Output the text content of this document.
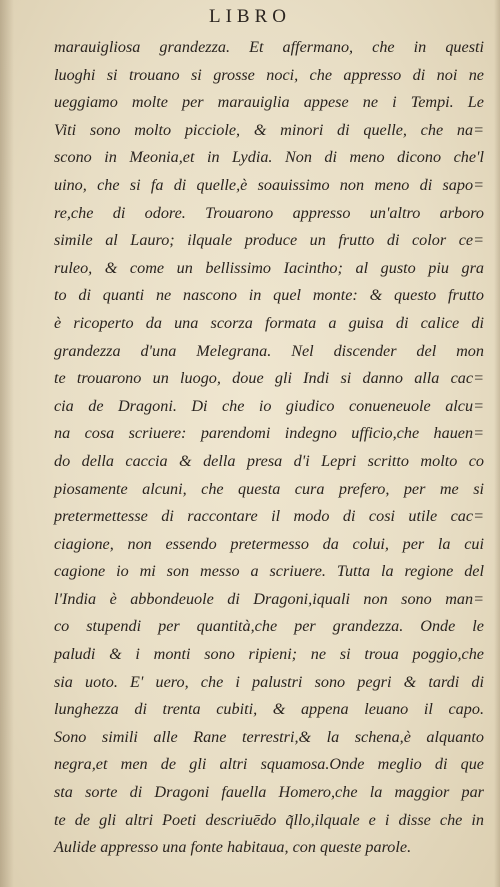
LIBRO
marauigliosa grandezza. Et affermano, che in questi
luoghi si trouano si grosse noci, che appresso di noi ne
ueggiamo molte per marauiglia appese ne i Tempi. Le
Viti sono molto picciole, & minori di quelle, che na=
scono in Meonia,et in Lydia. Non di meno dicono che'l
uino, che si fa di quelle,è soauissimo non meno di sapo=
re,che di odore. Trouarono appresso un'altro arboro
simile al Lauro; ilquale produce un frutto di color ce=
ruleo, & come un bellissimo Iacintho; al gusto piu gra
to di quanti ne nascono in quel monte: & questo frutto
è ricoperto da una scorza formata a guisa di calice di
grandezza d'una Melegrana. Nel discender del mon
te trouarono un luogo, doue gli Indi si danno alla cac=
cia de Dragoni. Di che io giudico conueneuole alcu=
na cosa scriuere: parendomi indegno ufficio,che hauen=
do della caccia & della presa d'i Lepri scritto molto co
piosamente alcuni, che questa cura prefero, per me si
pretermettesse di raccontare il modo di cosi utile cac=
ciagione, non essendo pretermesso da colui, per la cui
cagione io mi son messo a scriuere. Tutta la regione del
l'India è abbondeuole di Dragoni,iquali non sono man=
co stupendi per quantità,che per grandezza. Onde le
paludi & i monti sono ripieni; ne si troua poggio,che
sia uoto. E' uero, che i palustri sono pegri & tardi di
lunghezza di trenta cubiti, & appena leuano il capo.
Sono simili alle Rane terrestri,& la schena,è alquanto
negra,et men de gli altri squamosa.Onde meglio di que
sta sorte di Dragoni fauella Homero,che la maggior par
te de gli altri Poeti descriuēdo q̃llo,ilquale e i disse che in
Aulide appresso una fonte habitaua, con queste parole.
